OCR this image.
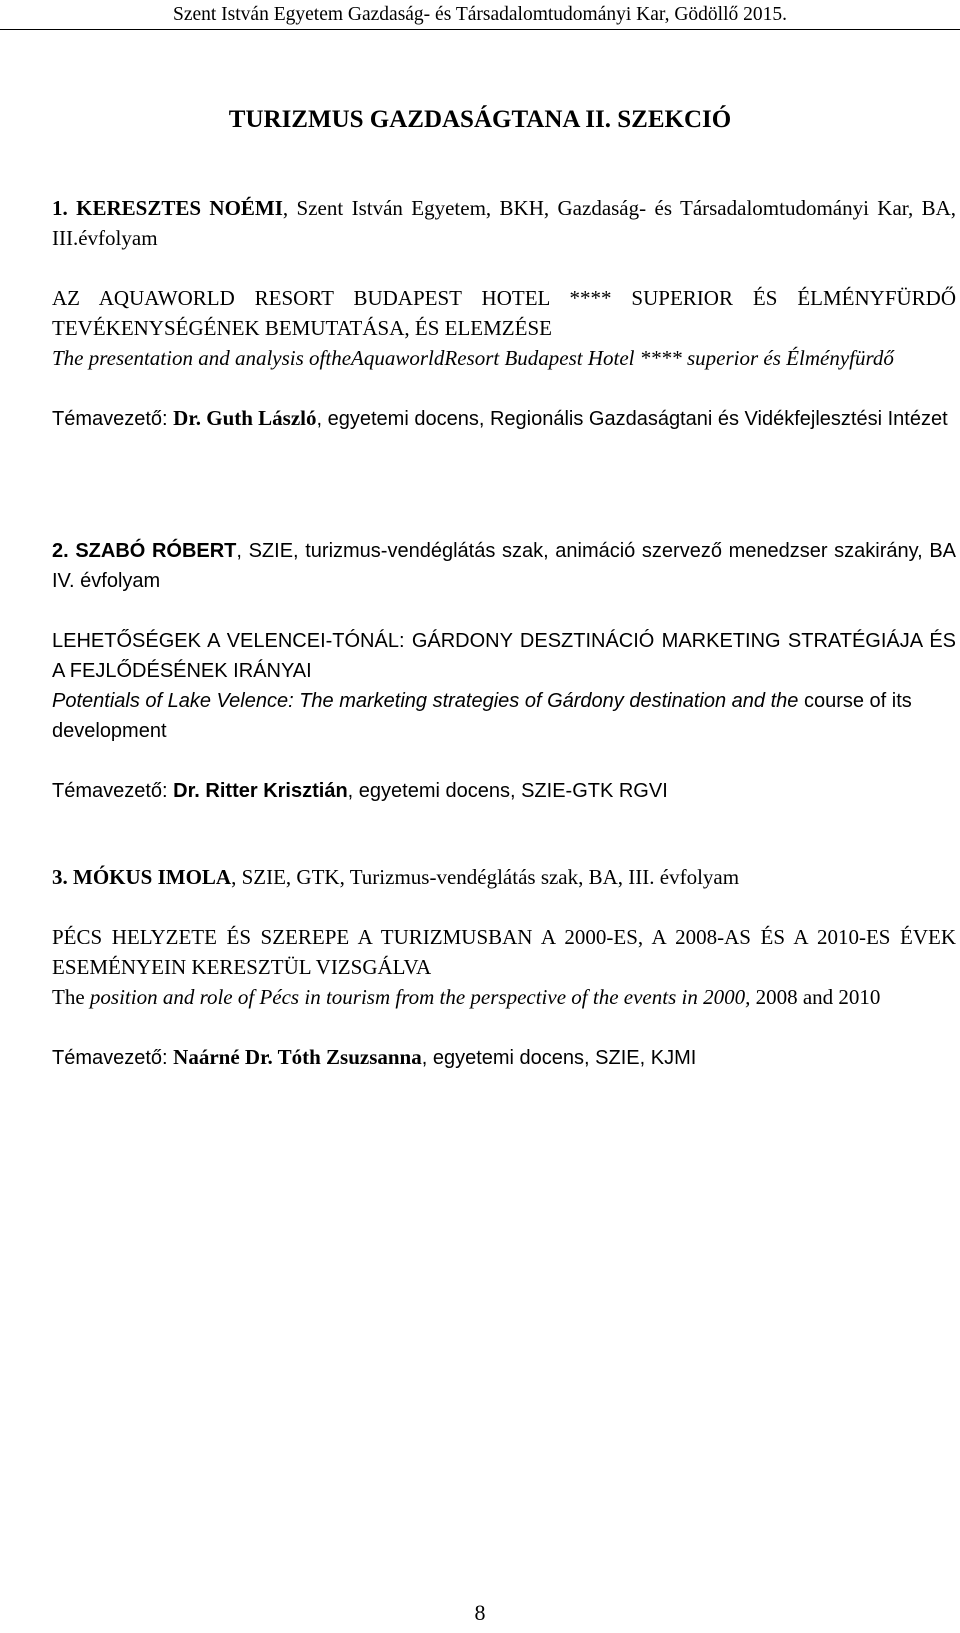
Szent István Egyetem Gazdaság- és Társadalomtudományi Kar, Gödöllő 2015.
TURIZMUS GAZDASÁGTANA II. SZEKCIÓ

1. KERESZTES NOÉMI, Szent István Egyetem, BKH, Gazdaság- és Társadalomtudományi Kar, BA, III.évfolyam

AZ AQUAWORLD RESORT BUDAPEST HOTEL **** SUPERIOR ÉS ÉLMÉNYFÜRDŐ TEVÉKENYSÉGÉNEK BEMUTATÁSA, ÉS ELEMZÉSE

The presentation and analysis oftheAquaworldResort Budapest Hotel **** superior és Élményfürdő

Témavezető: Dr. Guth László, egyetemi docens, Regionális Gazdaságtani és Vidékfejlesztési Intézet

2. SZABÓ RÓBERT, SZIE, turizmus-vendéglátás szak, animáció szervező menedzser szakirány, BA IV. évfolyam

LEHETŐSÉGEK A VELENCEI-TÓNÁL: GÁRDONY DESZTINÁCIÓ MARKETING STRATÉGIÁJA ÉS A FEJLŐDÉSÉNEK IRÁNYAI

Potentials of Lake Velence: The marketing strategies of Gárdony destination and the course of its development

Témavezető: Dr. Ritter Krisztián, egyetemi docens, SZIE-GTK RGVI

3. MÓKUS IMOLA, SZIE, GTK, Turizmus-vendéglátás szak, BA, III. évfolyam

PÉCS HELYZETE ÉS SZEREPE A TURIZMUSBAN A 2000-ES, A 2008-AS ÉS A 2010-ES ÉVEK ESEMÉNYEIN KERESZTÜL VIZSGÁLVA

The position and role of Pécs in tourism from the perspective of the events in 2000, 2008 and 2010

Témavezető: Naárné Dr. Tóth Zsuzsanna, egyetemi docens, SZIE, KJMI

8
